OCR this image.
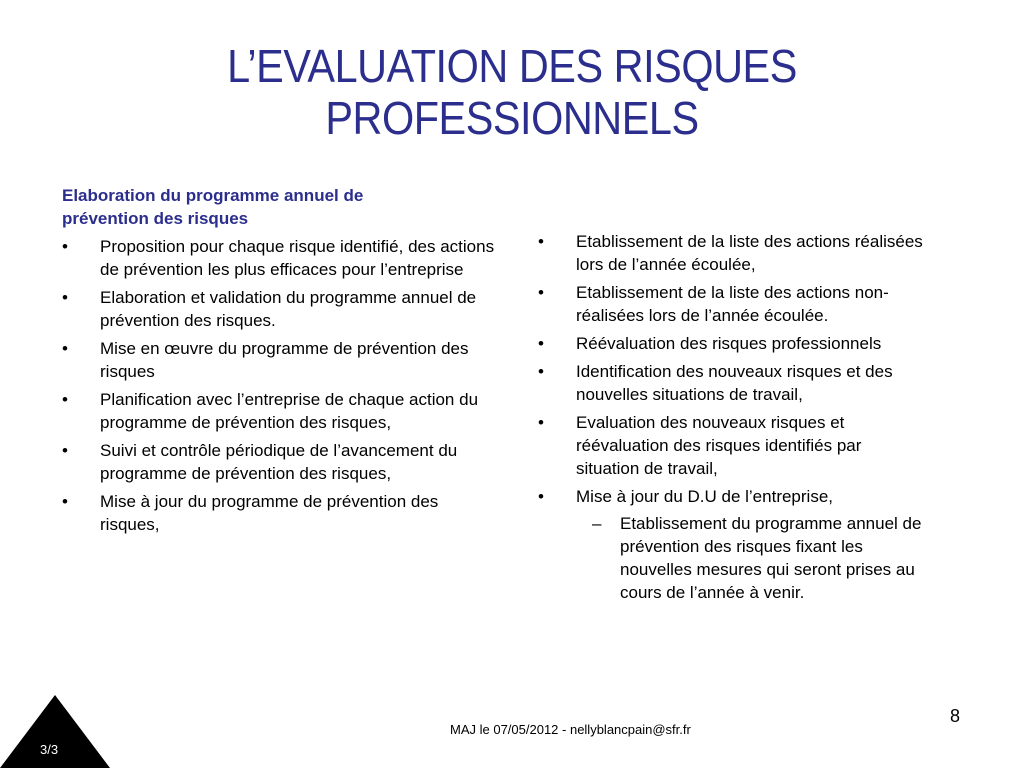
L’EVALUATION DES RISQUES
PROFESSIONNELS
Elaboration du programme annuel de
prévention des risques
• Proposition pour chaque risque identifié, des actions de prévention les plus efficaces pour l’entreprise
• Elaboration et validation du programme annuel de prévention des risques.
• Mise en œuvre du programme de prévention des risques
• Planification avec l’entreprise de chaque action du programme de prévention des risques,
• Suivi et contrôle périodique de l’avancement du programme de prévention des risques,
• Mise à jour du programme de prévention des risques,
• Etablissement de la liste des actions réalisées lors de l’année écoulée,
• Etablissement de la liste des actions non-réalisées lors de l’année écoulée.
• Réévaluation des risques professionnels
• Identification des nouveaux risques et des nouvelles situations de travail,
• Evaluation des nouveaux risques et réévaluation des risques identifiés par situation de travail,
• Mise à jour du D.U de l’entreprise,
– Etablissement du programme annuel de prévention des risques fixant les nouvelles mesures qui seront prises au cours de l’année à venir.
3/3
MAJ le 07/05/2012 - nellyblancpain@sfr.fr
8
